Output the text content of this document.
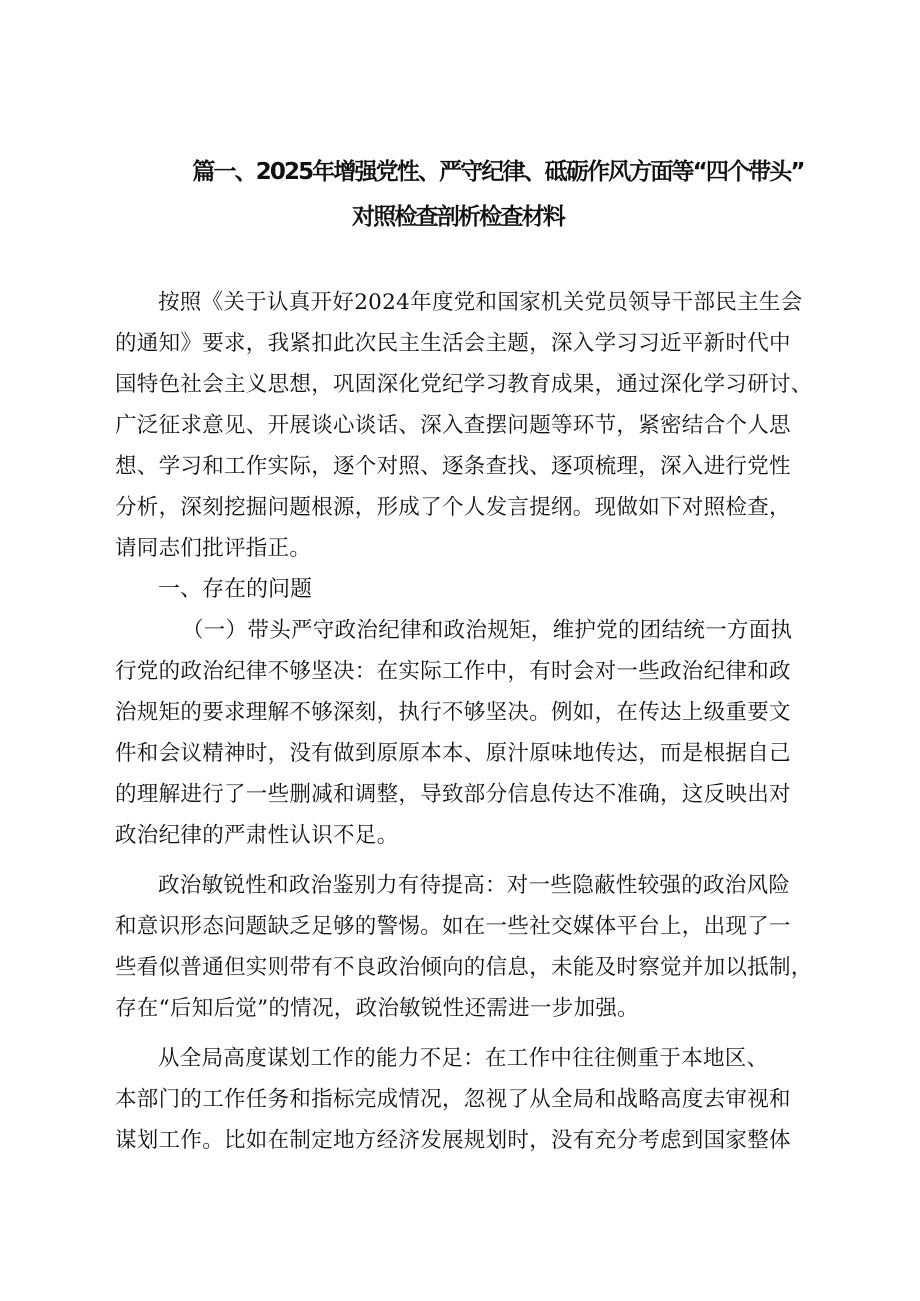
篇一、2025年增强党性、严守纪律、砥砺作风方面等“四个带头”
对照检查剖析检查材料
按照《关于认真开好2024年度党和国家机关党员领导干部民主生会
的通知》要求，我紧扣此次民主生活会主题，深入学习习近平新时代中
国特色社会主义思想，巩固深化党纪学习教育成果，通过深化学习研讨、
广泛征求意见、开展谈心谈话、深入查摆问题等环节，紧密结合个人思
想、学习和工作实际，逐个对照、逐条查找、逐项梳理，深入进行党性
分析，深刻挖掘问题根源，形成了个人发言提纲。现做如下对照检查，
请同志们批评指正。
一、存在的问题
（一）带头严守政治纪律和政治规矩，维护党的团结统一方面执
行党的政治纪律不够坚决：在实际工作中，有时会对一些政治纪律和政
治规矩的要求理解不够深刻，执行不够坚决。例如，在传达上级重要文
件和会议精神时，没有做到原原本本、原汁原味地传达，而是根据自己
的理解进行了一些删减和调整，导致部分信息传达不准确，这反映出对
政治纪律的严肃性认识不足。
政治敏锐性和政治鉴别力有待提高：对一些隐蔽性较强的政治风险
和意识形态问题缺乏足够的警惕。如在一些社交媒体平台上，出现了一
些看似普通但实则带有不良政治倾向的信息，未能及时察觉并加以抵制，
存在“后知后觉”的情况，政治敏锐性还需进一步加强。
从全局高度谋划工作的能力不足：在工作中往往侧重于本地区、
本部门的工作任务和指标完成情况，忽视了从全局和战略高度去审视和
谋划工作。比如在制定地方经济发展规划时，没有充分考虑到国家整体
